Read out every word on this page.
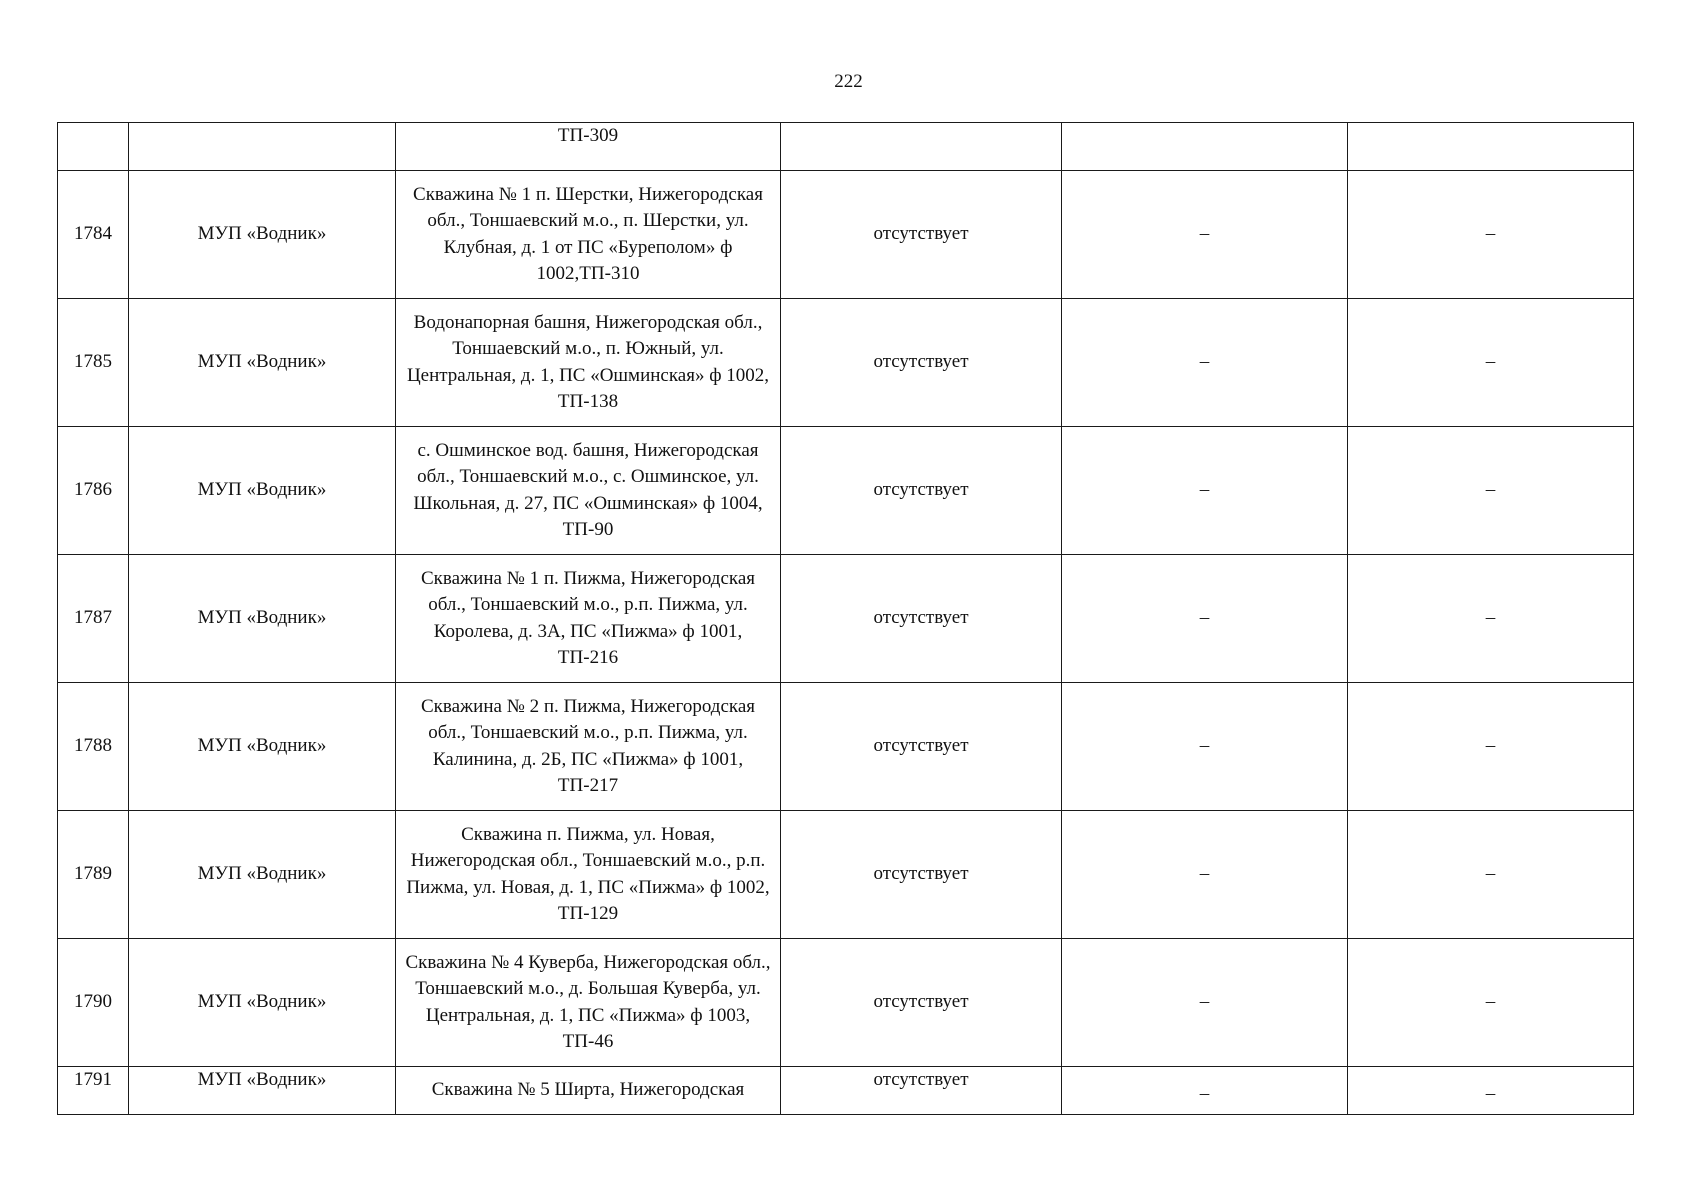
222
		ТП-309			
1784	МУП «Водник»	Скважина № 1 п. Шерстки, Нижегородская обл., Тоншаевский м.о., п. Шерстки, ул. Клубная, д. 1 от ПС «Буреполом» ф 1002,ТП-310	отсутствует	–	–
1785	МУП «Водник»	Водонапорная башня, Нижегородская обл., Тоншаевский м.о., п. Южный, ул. Центральная, д. 1, ПС «Ошминская» ф 1002, ТП-138	отсутствует	–	–
1786	МУП «Водник»	с. Ошминское вод. башня, Нижегородская обл., Тоншаевский м.о., с. Ошминское, ул. Школьная, д. 27, ПС «Ошминская» ф 1004, ТП-90	отсутствует	–	–
1787	МУП «Водник»	Скважина № 1 п. Пижма, Нижегородская обл., Тоншаевский м.о., р.п. Пижма, ул. Королева, д. 3А, ПС «Пижма» ф 1001, ТП-216	отсутствует	–	–
1788	МУП «Водник»	Скважина № 2 п. Пижма, Нижегородская обл., Тоншаевский м.о., р.п. Пижма, ул. Калинина, д. 2Б, ПС «Пижма» ф 1001, ТП-217	отсутствует	–	–
1789	МУП «Водник»	Скважина п. Пижма, ул. Новая, Нижегородская обл., Тоншаевский м.о., р.п. Пижма, ул. Новая, д. 1, ПС «Пижма» ф 1002, ТП-129	отсутствует	–	–
1790	МУП «Водник»	Скважина № 4 Куверба, Нижегородская обл., Тоншаевский м.о., д. Большая Куверба, ул. Центральная, д. 1, ПС «Пижма» ф 1003, ТП-46	отсутствует	–	–
1791	МУП «Водник»	Скважина № 5 Ширта, Нижегородская	отсутствует	–	–
